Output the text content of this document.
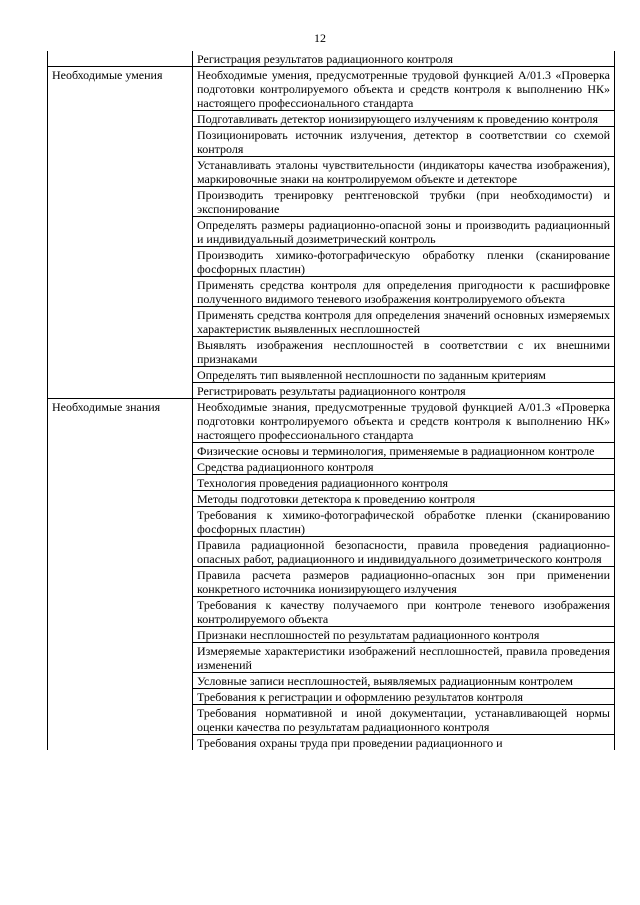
12
	Регистрация результатов радиационного контроля
Необходимые умения	Необходимые умения, предусмотренные трудовой функцией A/01.3 «Проверка подготовки контролируемого объекта и средств контроля к выполнению НК» настоящего профессионального стандарта
	Подготавливать детектор ионизирующего излучениям к проведению контроля
	Позиционировать источник излучения, детектор в соответствии со схемой контроля
	Устанавливать эталоны чувствительности (индикаторы качества изображения), маркировочные знаки на контролируемом объекте и детекторе
	Производить тренировку рентгеновской трубки (при необходимости) и экспонирование
	Определять размеры радиационно-опасной зоны и производить радиационный и индивидуальный дозиметрический контроль
	Производить химико-фотографическую обработку пленки (сканирование фосфорных пластин)
	Применять средства контроля для определения пригодности к расшифровке полученного видимого теневого изображения контролируемого объекта
	Применять средства контроля для определения значений основных измеряемых характеристик выявленных несплошностей
	Выявлять изображения несплошностей в соответствии с их внешними признаками
	Определять тип выявленной несплошности по заданным критериям
	Регистрировать результаты радиационного контроля
Необходимые знания	Необходимые знания, предусмотренные трудовой функцией A/01.3 «Проверка подготовки контролируемого объекта и средств контроля к выполнению НК» настоящего профессионального стандарта
	Физические основы и терминология, применяемые в радиационном контроле
	Средства радиационного контроля
	Технология проведения радиационного контроля
	Методы подготовки детектора к проведению контроля
	Требования к химико-фотографической обработке пленки (сканированию фосфорных пластин)
	Правила радиационной безопасности, правила проведения радиационно-опасных работ, радиационного и индивидуального дозиметрического контроля
	Правила расчета размеров радиационно-опасных зон при применении конкретного источника ионизирующего излучения
	Требования к качеству получаемого при контроле теневого изображения контролируемого объекта
	Признаки несплошностей по результатам радиационного контроля
	Измеряемые характеристики изображений несплошностей, правила проведения изменений
	Условные записи несплошностей, выявляемых радиационным контролем
	Требования к регистрации и оформлению результатов контроля
	Требования нормативной и иной документации, устанавливающей нормы оценки качества по результатам радиационного контроля
	Требования охраны труда при проведении радиационного и
